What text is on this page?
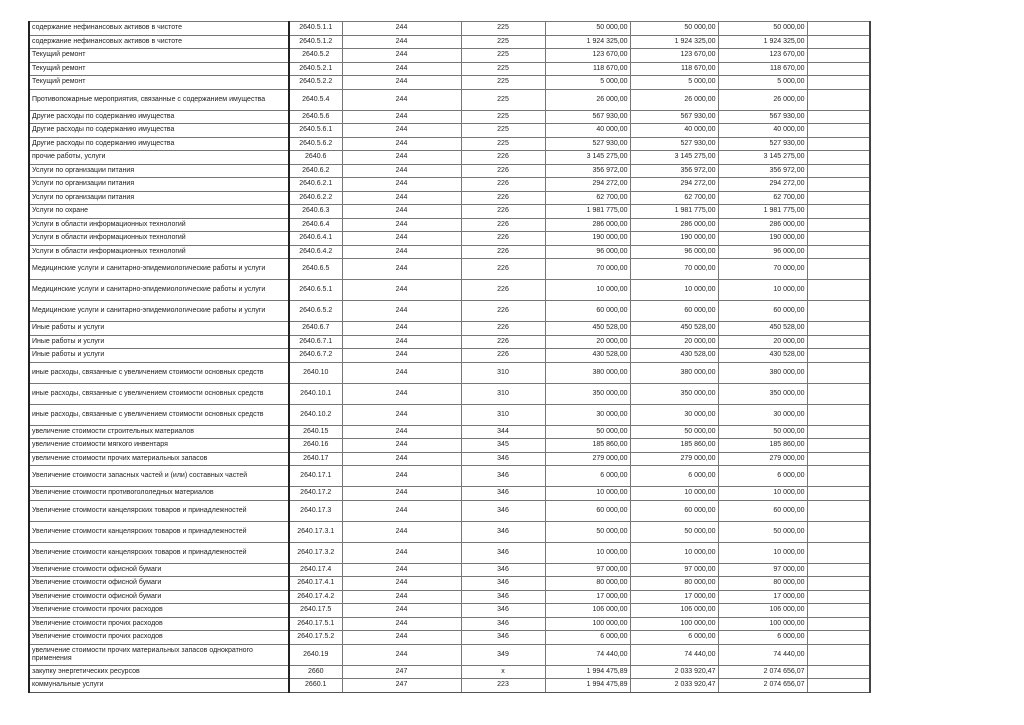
содержание нефинансовых активов в чистоте	2640.5.1.1	244	225	50 000,00	50 000,00	50 000,00	
содержание нефинансовых активов в чистоте	2640.5.1.2	244	225	1 924 325,00	1 924 325,00	1 924 325,00	
Текущий ремонт	2640.5.2	244	225	123 670,00	123 670,00	123 670,00	
Текущий ремонт	2640.5.2.1	244	225	118 670,00	118 670,00	118 670,00	
Текущий ремонт	2640.5.2.2	244	225	5 000,00	5 000,00	5 000,00	
Противопожарные мероприятия, связанные с содержанием имущества	2640.5.4	244	225	26 000,00	26 000,00	26 000,00	
Другие расходы по содержанию имущества	2640.5.6	244	225	567 930,00	567 930,00	567 930,00	
Другие расходы по содержанию имущества	2640.5.6.1	244	225	40 000,00	40 000,00	40 000,00	
Другие расходы по содержанию имущества	2640.5.6.2	244	225	527 930,00	527 930,00	527 930,00	
прочие работы, услуги	2640.6	244	226	3 145 275,00	3 145 275,00	3 145 275,00	
Услуги по организации питания	2640.6.2	244	226	356 972,00	356 972,00	356 972,00	
Услуги по организации питания	2640.6.2.1	244	226	294 272,00	294 272,00	294 272,00	
Услуги по организации питания	2640.6.2.2	244	226	62 700,00	62 700,00	62 700,00	
Услуги по охране	2640.6.3	244	226	1 981 775,00	1 981 775,00	1 981 775,00	
Услуги в области информационных технологий	2640.6.4	244	226	286 000,00	286 000,00	286 000,00	
Услуги в области информационных технологий	2640.6.4.1	244	226	190 000,00	190 000,00	190 000,00	
Услуги в области информационных технологий	2640.6.4.2	244	226	96 000,00	96 000,00	96 000,00	
Медицинские услуги и санитарно-эпидемиологические работы и услуги	2640.6.5	244	226	70 000,00	70 000,00	70 000,00	
Медицинские услуги и санитарно-эпидемиологические работы и услуги	2640.6.5.1	244	226	10 000,00	10 000,00	10 000,00	
Медицинские услуги и санитарно-эпидемиологические работы и услуги	2640.6.5.2	244	226	60 000,00	60 000,00	60 000,00	
Иные работы и услуги	2640.6.7	244	226	450 528,00	450 528,00	450 528,00	
Иные работы и услуги	2640.6.7.1	244	226	20 000,00	20 000,00	20 000,00	
Иные работы и услуги	2640.6.7.2	244	226	430 528,00	430 528,00	430 528,00	
иные расходы, связанные с увеличением стоимости основных средств	2640.10	244	310	380 000,00	380 000,00	380 000,00	
иные расходы, связанные с увеличением стоимости основных средств	2640.10.1	244	310	350 000,00	350 000,00	350 000,00	
иные расходы, связанные с увеличением стоимости основных средств	2640.10.2	244	310	30 000,00	30 000,00	30 000,00	
увеличение стоимости строительных материалов	2640.15	244	344	50 000,00	50 000,00	50 000,00	
увеличение стоимости мягкого инвентаря	2640.16	244	345	185 860,00	185 860,00	185 860,00	
увеличение стоимости прочих материальных запасов	2640.17	244	346	279 000,00	279 000,00	279 000,00	
Увеличение стоимости запасных частей и (или) составных частей	2640.17.1	244	346	6 000,00	6 000,00	6 000,00	
Увеличение стоимости противогололедных материалов	2640.17.2	244	346	10 000,00	10 000,00	10 000,00	
Увеличение стоимости канцелярских товаров и принадлежностей	2640.17.3	244	346	60 000,00	60 000,00	60 000,00	
Увеличение стоимости канцелярских товаров и принадлежностей	2640.17.3.1	244	346	50 000,00	50 000,00	50 000,00	
Увеличение стоимости канцелярских товаров и принадлежностей	2640.17.3.2	244	346	10 000,00	10 000,00	10 000,00	
Увеличение стоимости офисной бумаги	2640.17.4	244	346	97 000,00	97 000,00	97 000,00	
Увеличение стоимости офисной бумаги	2640.17.4.1	244	346	80 000,00	80 000,00	80 000,00	
Увеличение стоимости офисной бумаги	2640.17.4.2	244	346	17 000,00	17 000,00	17 000,00	
Увеличение стоимости прочих расходов	2640.17.5	244	346	106 000,00	106 000,00	106 000,00	
Увеличение стоимости прочих расходов	2640.17.5.1	244	346	100 000,00	100 000,00	100 000,00	
Увеличение стоимости прочих расходов	2640.17.5.2	244	346	6 000,00	6 000,00	6 000,00	
увеличение стоимости прочих материальных запасов однократного применения	2640.19	244	349	74 440,00	74 440,00	74 440,00	
закупку энергетических ресурсов	2660	247	x	1 994 475,89	2 033 920,47	2 074 656,07	
коммунальные услуги	2660.1	247	223	1 994 475,89	2 033 920,47	2 074 656,07	
